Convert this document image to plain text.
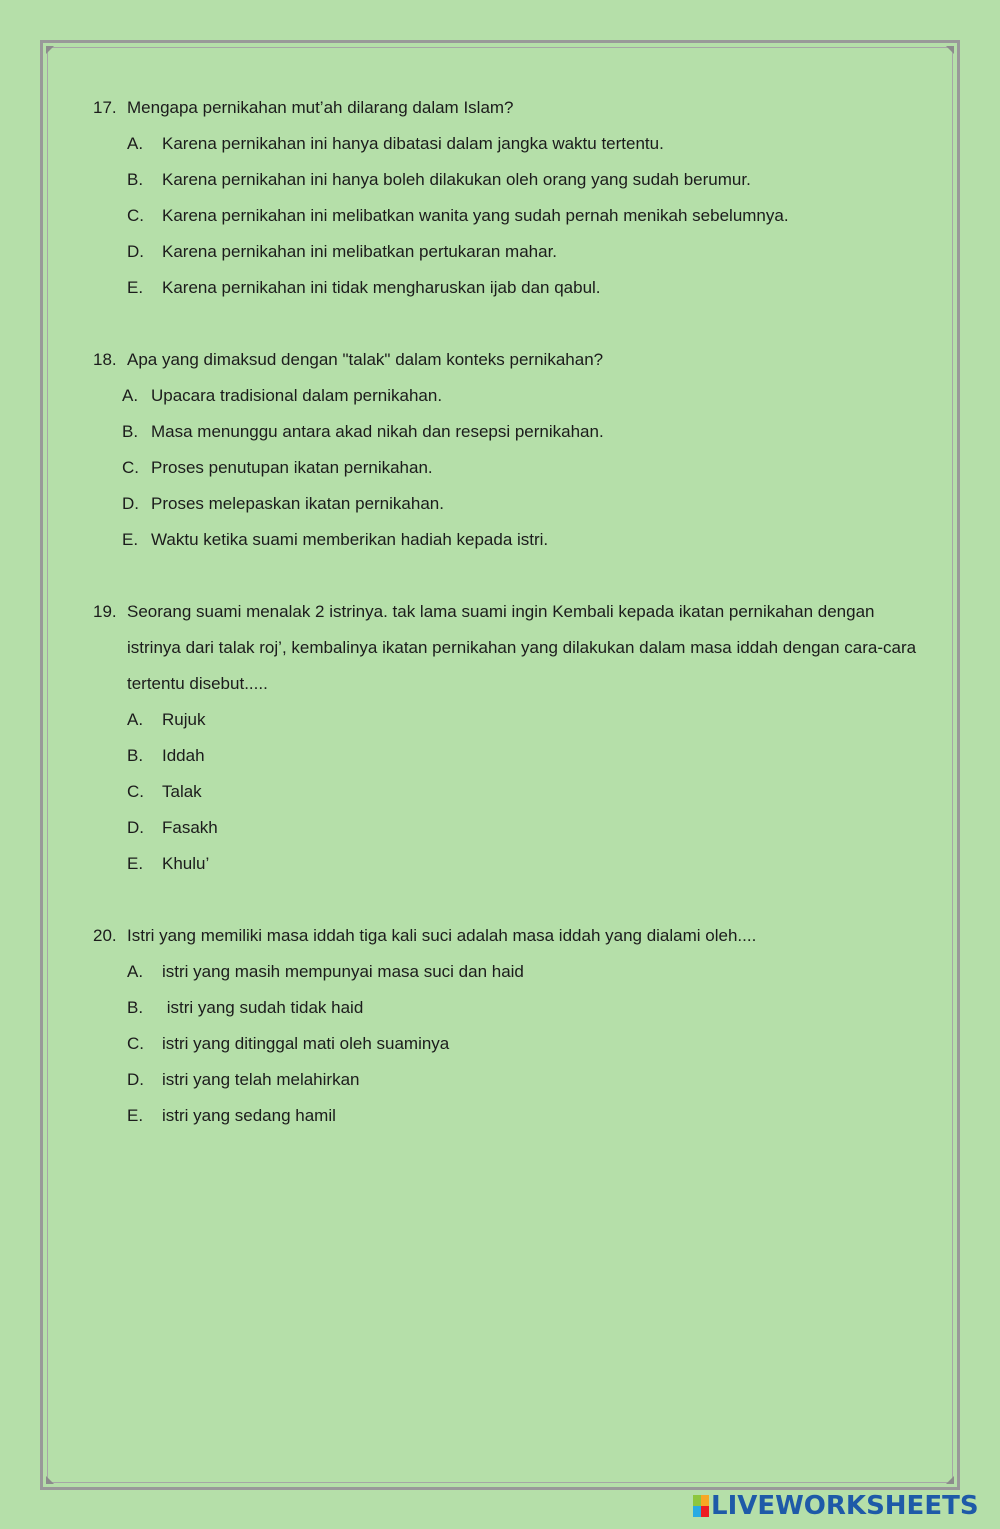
17. Mengapa pernikahan mut’ah dilarang dalam Islam?
A.	Karena pernikahan ini hanya dibatasi dalam jangka waktu tertentu.
B.	Karena pernikahan ini hanya boleh dilakukan oleh orang yang sudah berumur.
C.	Karena pernikahan ini melibatkan wanita yang sudah pernah menikah sebelumnya.
D.	Karena pernikahan ini melibatkan pertukaran mahar.
E.	Karena pernikahan ini tidak mengharuskan ijab dan qabul.
18. Apa yang dimaksud dengan "talak" dalam konteks pernikahan?
A. Upacara tradisional dalam pernikahan.
B. Masa menunggu antara akad nikah dan resepsi pernikahan.
C. Proses penutupan ikatan pernikahan.
D. Proses melepaskan ikatan pernikahan.
E. Waktu ketika suami memberikan hadiah kepada istri.
19. Seorang suami menalak 2 istrinya. tak lama suami ingin Kembali kepada ikatan pernikahan dengan istrinya dari talak roj’, kembalinya ikatan pernikahan yang dilakukan dalam masa iddah dengan cara-cara tertentu disebut.....
A.	Rujuk
B.	Iddah
C.	Talak
D.	Fasakh
E.	Khulu’
20. Istri yang memiliki masa iddah tiga kali suci adalah masa iddah yang dialami oleh....
A.	istri yang masih mempunyai masa suci dan haid
B.	istri yang sudah tidak haid
C.	istri yang ditinggal mati oleh suaminya
D.	istri yang telah melahirkan
E.	istri yang sedang hamil
LIVEWORKSHEETS
